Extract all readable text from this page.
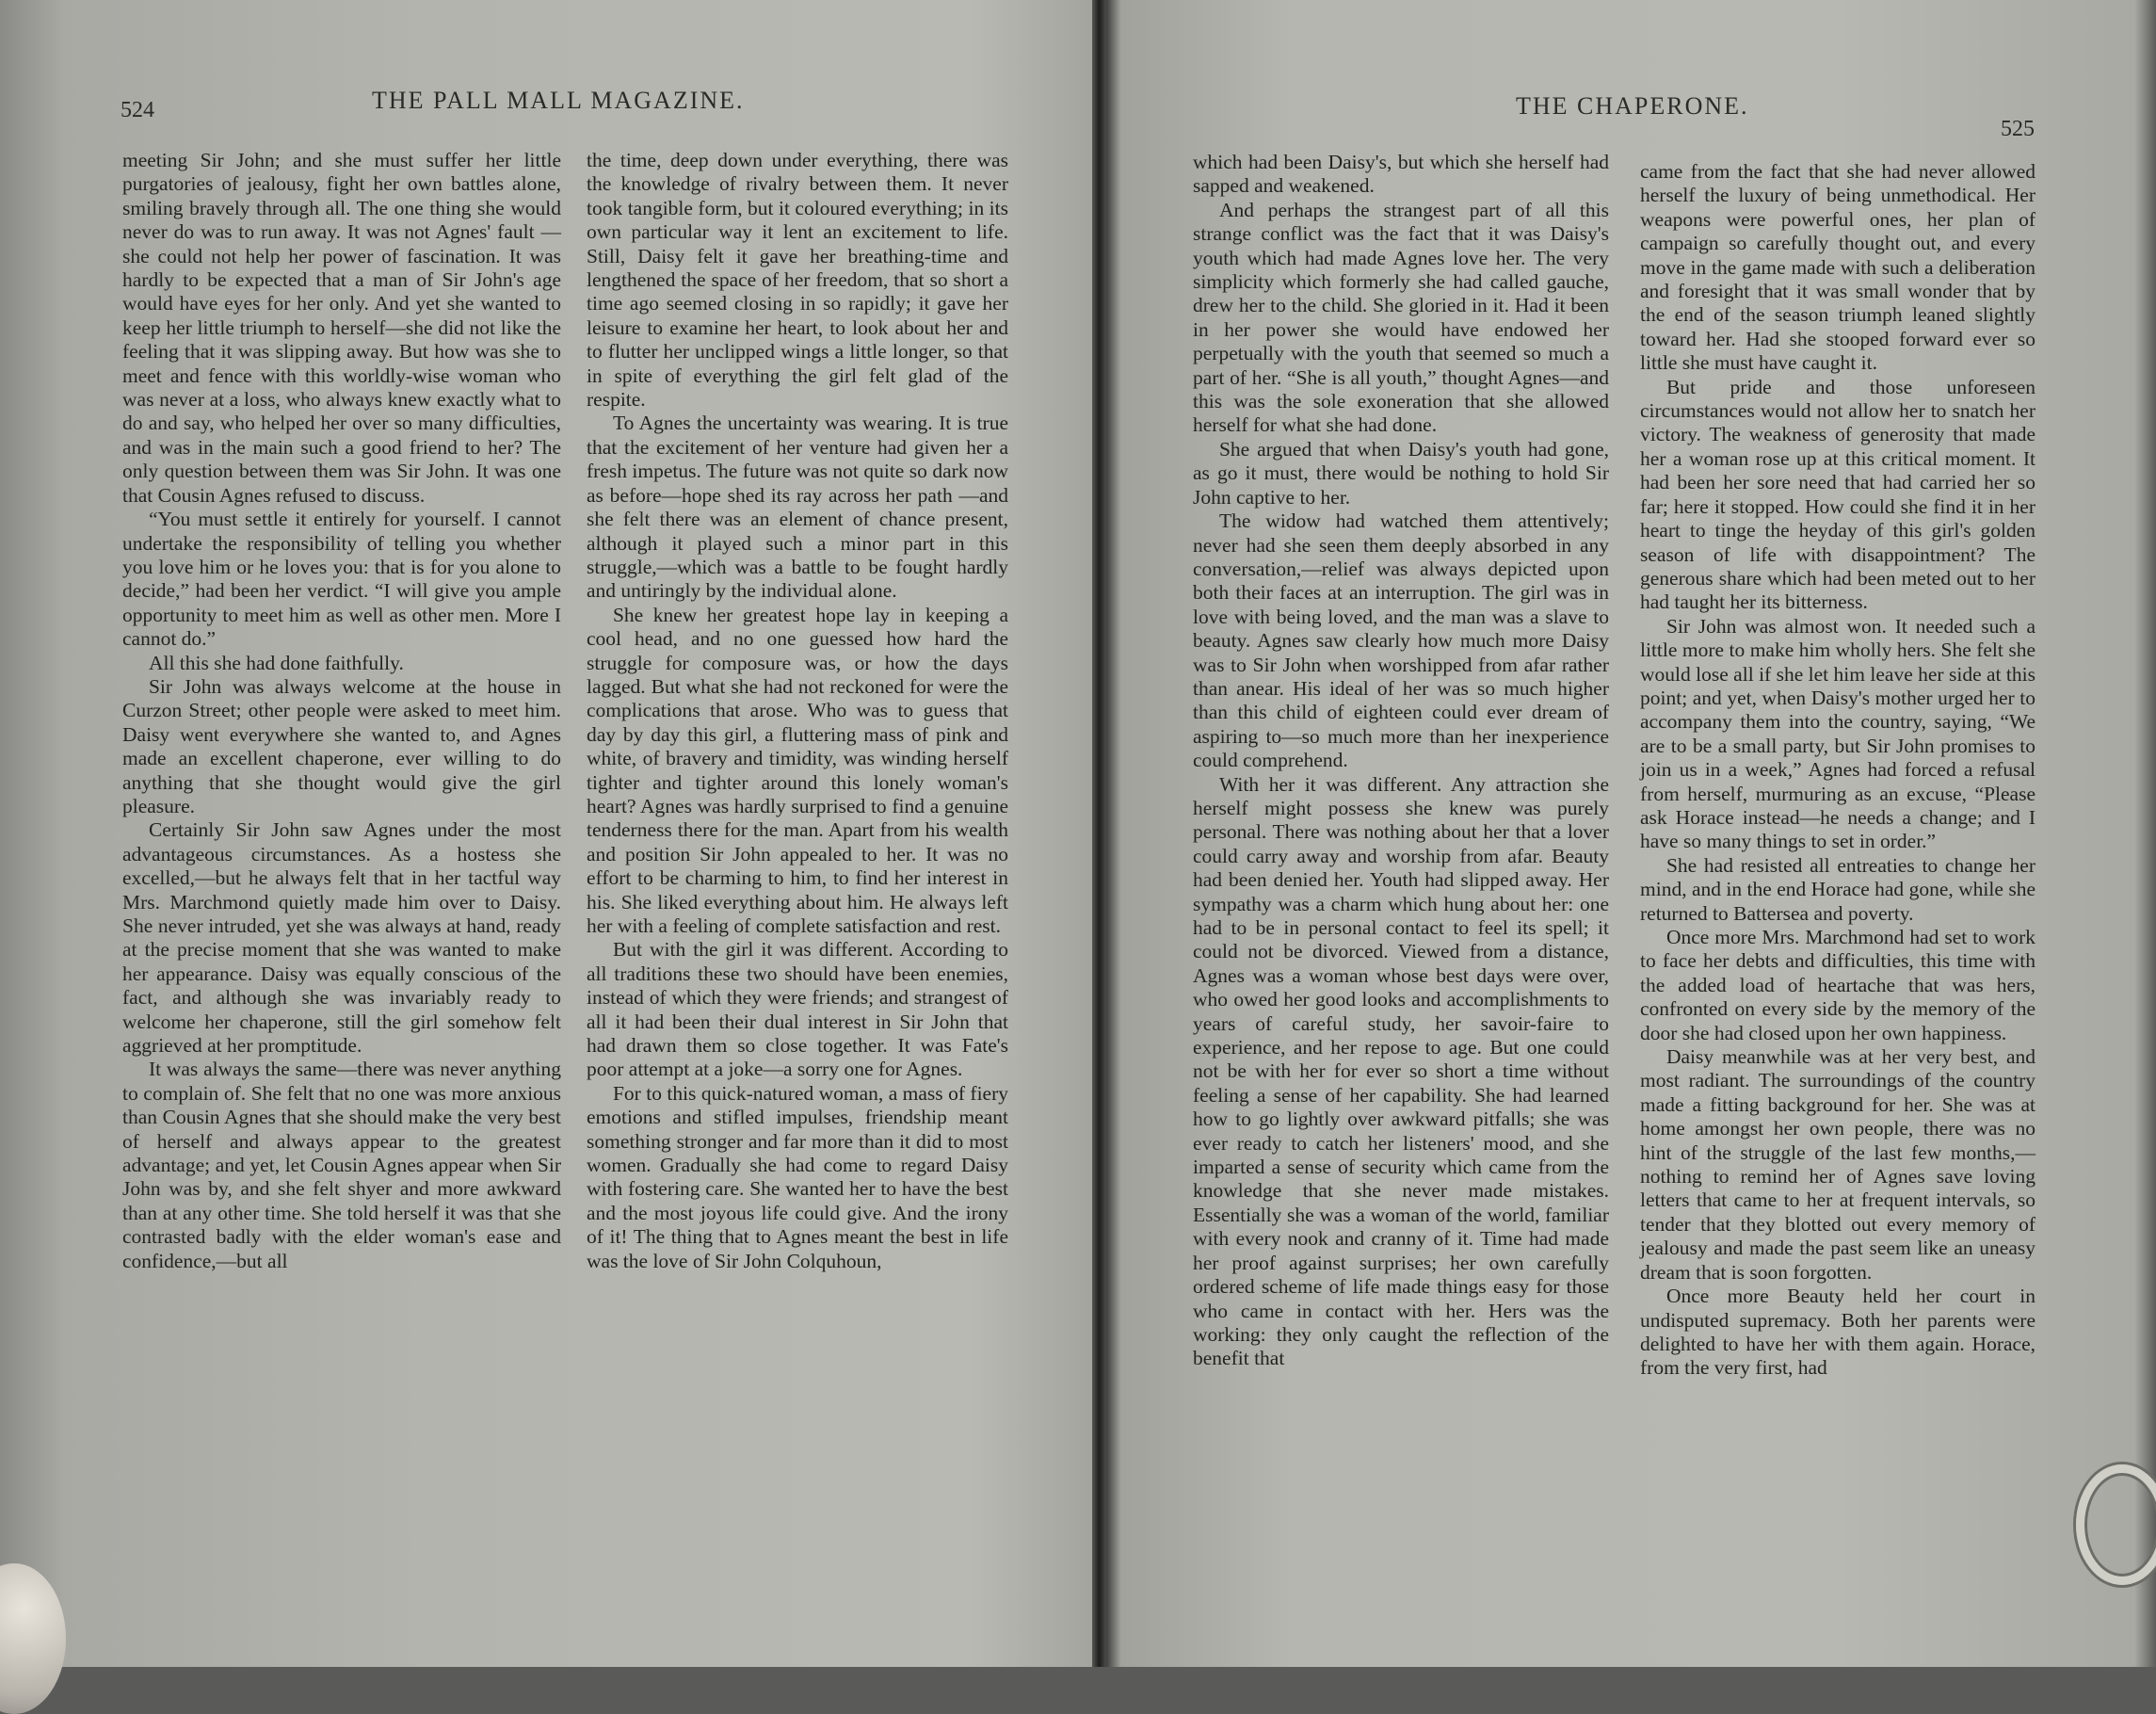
524	THE PALL MALL MAGAZINE.

meeting Sir John; and she must suffer her little purgatories of jealousy, fight her own battles alone, smiling bravely through all. The one thing she would never do was to run away. It was not Agnes' fault —she could not help her power of fascination. It was hardly to be expected that a man of Sir John's age would have eyes for her only. And yet she wanted to keep her little triumph to herself—she did not like the feeling that it was slipping away. But how was she to meet and fence with this worldly-wise woman who was never at a loss, who always knew exactly what to do and say, who helped her over so many difficulties, and was in the main such a good friend to her? The only question between them was Sir John. It was one that Cousin Agnes refused to discuss.

“You must settle it entirely for yourself. I cannot undertake the responsibility of telling you whether you love him or he loves you: that is for you alone to decide,” had been her verdict. “I will give you ample opportunity to meet him as well as other men. More I cannot do.”

All this she had done faithfully.

Sir John was always welcome at the house in Curzon Street; other people were asked to meet him. Daisy went everywhere she wanted to, and Agnes made an excellent chaperone, ever willing to do anything that she thought would give the girl pleasure.

Certainly Sir John saw Agnes under the most advantageous circumstances. As a hostess she excelled,—but he always felt that in her tactful way Mrs. Marchmond quietly made him over to Daisy. She never intruded, yet she was always at hand, ready at the precise moment that she was wanted to make her appearance. Daisy was equally conscious of the fact, and although she was invariably ready to welcome her chaperone, still the girl somehow felt aggrieved at her promptitude.

It was always the same—there was never anything to complain of. She felt that no one was more anxious than Cousin Agnes that she should make the very best of herself and always appear to the greatest advantage; and yet, let Cousin Agnes appear when Sir John was by, and she felt shyer and more awkward than at any other time. She told herself it was that she contrasted badly with the elder woman's ease and confidence,—but all

the time, deep down under everything, there was the knowledge of rivalry between them. It never took tangible form, but it coloured everything; in its own particular way it lent an excitement to life. Still, Daisy felt it gave her breathing-time and lengthened the space of her freedom, that so short a time ago seemed closing in so rapidly; it gave her leisure to examine her heart, to look about her and to flutter her unclipped wings a little longer, so that in spite of everything the girl felt glad of the respite.

To Agnes the uncertainty was wearing. It is true that the excitement of her venture had given her a fresh impetus. The future was not quite so dark now as before—hope shed its ray across her path —and she felt there was an element of chance present, although it played such a minor part in this struggle,—which was a battle to be fought hardly and untiringly by the individual alone.

She knew her greatest hope lay in keeping a cool head, and no one guessed how hard the struggle for composure was, or how the days lagged. But what she had not reckoned for were the complications that arose. Who was to guess that day by day this girl, a fluttering mass of pink and white, of bravery and timidity, was winding herself tighter and tighter around this lonely woman's heart? Agnes was hardly surprised to find a genuine tenderness there for the man. Apart from his wealth and position Sir John appealed to her. It was no effort to be charming to him, to find her interest in his. She liked everything about him. He always left her with a feeling of complete satisfaction and rest.

But with the girl it was different. According to all traditions these two should have been enemies, instead of which they were friends; and strangest of all it had been their dual interest in Sir John that had drawn them so close together. It was Fate's poor attempt at a joke—a sorry one for Agnes.

For to this quick-natured woman, a mass of fiery emotions and stifled impulses, friendship meant something stronger and far more than it did to most women. Gradually she had come to regard Daisy with fostering care. She wanted her to have the best and the most joyous life could give. And the irony of it! The thing that to Agnes meant the best in life was the love of Sir John Colquhoun,

THE CHAPERONE.
525

which had been Daisy's, but which she herself had sapped and weakened.

And perhaps the strangest part of all this strange conflict was the fact that it was Daisy's youth which had made Agnes love her. The very simplicity which formerly she had called gauche, drew her to the child. She gloried in it. Had it been in her power she would have endowed her perpetually with the youth that seemed so much a part of her. “She is all youth,” thought Agnes—and this was the sole exoneration that she allowed herself for what she had done.

She argued that when Daisy's youth had gone, as go it must, there would be nothing to hold Sir John captive to her.

The widow had watched them attentively; never had she seen them deeply absorbed in any conversation,—relief was always depicted upon both their faces at an interruption. The girl was in love with being loved, and the man was a slave to beauty. Agnes saw clearly how much more Daisy was to Sir John when worshipped from afar rather than anear. His ideal of her was so much higher than this child of eighteen could ever dream of aspiring to—so much more than her inexperience could comprehend.

With her it was different. Any attraction she herself might possess she knew was purely personal. There was nothing about her that a lover could carry away and worship from afar. Beauty had been denied her. Youth had slipped away. Her sympathy was a charm which hung about her: one had to be in personal contact to feel its spell; it could not be divorced. Viewed from a distance, Agnes was a woman whose best days were over, who owed her good looks and accomplishments to years of careful study, her savoir-faire to experience, and her repose to age. But one could not be with her for ever so short a time without feeling a sense of her capability. She had learned how to go lightly over awkward pitfalls; she was ever ready to catch her listeners' mood, and she imparted a sense of security which came from the knowledge that she never made mistakes. Essentially she was a woman of the world, familiar with every nook and cranny of it. Time had made her proof against surprises; her own carefully ordered scheme of life made things easy for those who came in contact with her. Hers was the working: they only caught the reflection of the benefit that

came from the fact that she had never allowed herself the luxury of being unmethodical. Her weapons were powerful ones, her plan of campaign so carefully thought out, and every move in the game made with such a deliberation and foresight that it was small wonder that by the end of the season triumph leaned slightly toward her. Had she stooped forward ever so little she must have caught it.

But pride and those unforeseen circumstances would not allow her to snatch her victory. The weakness of generosity that made her a woman rose up at this critical moment. It had been her sore need that had carried her so far; here it stopped. How could she find it in her heart to tinge the heyday of this girl's golden season of life with disappointment? The generous share which had been meted out to her had taught her its bitterness.

Sir John was almost won. It needed such a little more to make him wholly hers. She felt she would lose all if she let him leave her side at this point; and yet, when Daisy's mother urged her to accompany them into the country, saying, “We are to be a small party, but Sir John promises to join us in a week,” Agnes had forced a refusal from herself, murmuring as an excuse, “Please ask Horace instead—he needs a change; and I have so many things to set in order.”

She had resisted all entreaties to change her mind, and in the end Horace had gone, while she returned to Battersea and poverty.

Once more Mrs. Marchmond had set to work to face her debts and difficulties, this time with the added load of heartache that was hers, confronted on every side by the memory of the door she had closed upon her own happiness.

Daisy meanwhile was at her very best, and most radiant. The surroundings of the country made a fitting background for her. She was at home amongst her own people, there was no hint of the struggle of the last few months,—nothing to remind her of Agnes save loving letters that came to her at frequent intervals, so tender that they blotted out every memory of jealousy and made the past seem like an uneasy dream that is soon forgotten.

Once more Beauty held her court in undisputed supremacy. Both her parents were delighted to have her with them again. Horace, from the very first, had
